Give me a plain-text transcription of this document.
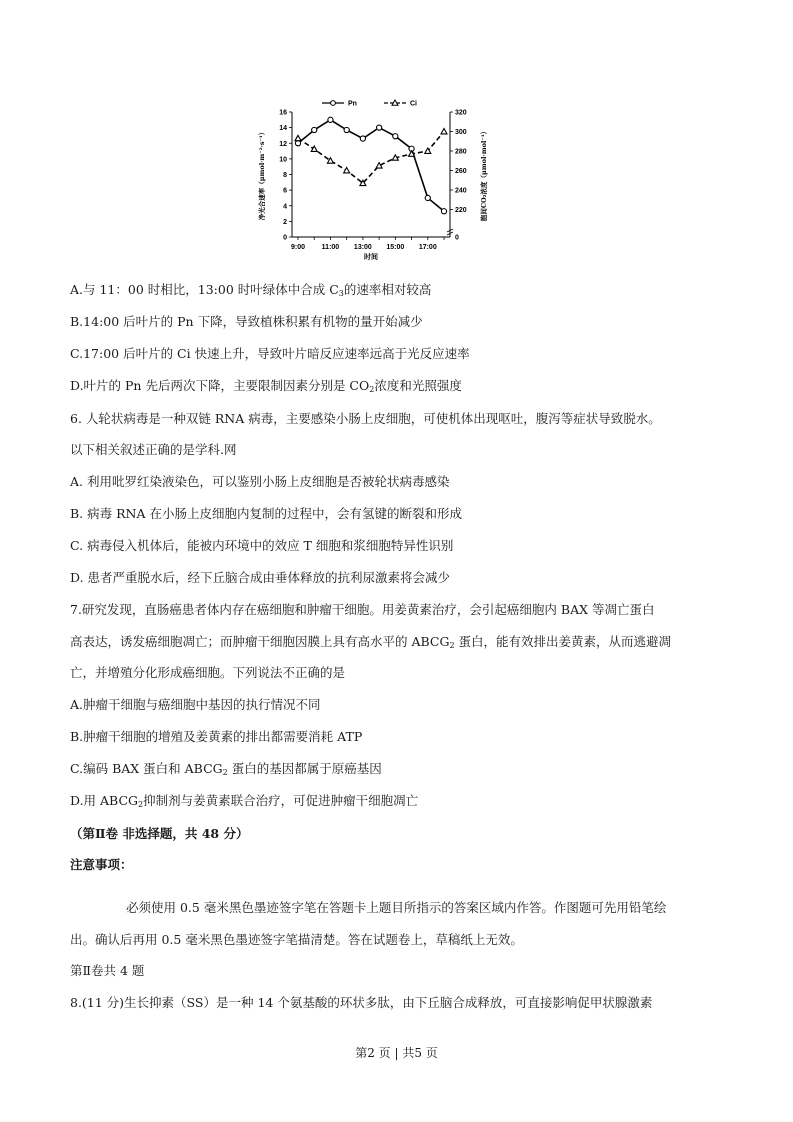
0
2
4
6
8
10
12
14
16
220
240
260
280
300
320
0
9:00 11:00 13:00 15:00 17:00
时间
净光合速率（μmol·m⁻²·s⁻¹）	胞间CO₂浓度（μmol·mol⁻¹）
Pn	Ci
A.与 11：00 时相比，13:00 时叶绿体中合成 $C_3$的速率相对较高
B.14:00 后叶片的 Pn 下降，导致植株积累有机物的量开始减少
C.17:00 后叶片的 Ci 快速上升，导致叶片暗反应速率远高于光反应速率
D.叶片的 Pn 先后两次下降，主要限制因素分别是 $CO_2$浓度和光照强度
6. 人轮状病毒是一种双链 RNA 病毒，主要感染小肠上皮细胞，可使机体出现呕吐，腹泻等症状导致脱水。
以下相关叙述正确的是学科.网
A. 利用吡罗红染液染色，可以鉴别小肠上皮细胞是否被轮状病毒感染
B. 病毒 RNA 在小肠上皮细胞内复制的过程中，会有氢键的断裂和形成
C. 病毒侵入机体后，能被内环境中的效应 T 细胞和浆细胞特异性识别
D. 患者严重脱水后，经下丘脑合成由垂体释放的抗利尿激素将会减少
7.研究发现，直肠癌患者体内存在癌细胞和肿瘤干细胞。用姜黄素治疗，会引起癌细胞内 BAX 等凋亡蛋白
高表达，诱发癌细胞凋亡；而肿瘤干细胞因膜上具有高水平的 $ABCG_2$ 蛋白，能有效排出姜黄素，从而逃避凋
亡，并增殖分化形成癌细胞。下列说法不正确的是
A.肿瘤干细胞与癌细胞中基因的执行情况不同
B.肿瘤干细胞的增殖及姜黄素的排出都需要消耗 ATP
C.编码 BAX 蛋白和 $ABCG_2$ 蛋白的基因都属于原癌基因
D.用 $ABCG_2$抑制剂与姜黄素联合治疗，可促进肿瘤干细胞凋亡
（第Ⅱ卷 非选择题，共 48 分）
注意事项：
必须使用 0.5 毫米黑色墨迹签字笔在答题卡上题目所指示的答案区域内作答。作图题可先用铅笔绘
出。确认后再用 0.5 毫米黑色墨迹签字笔描清楚。答在试题卷上，草稿纸上无效。
第Ⅱ卷共 4 题
8.(11 分)生长抑素（SS）是一种 14 个氨基酸的环状多肽，由下丘脑合成释放，可直接影响促甲状腺激素
第2 页 | 共5 页
